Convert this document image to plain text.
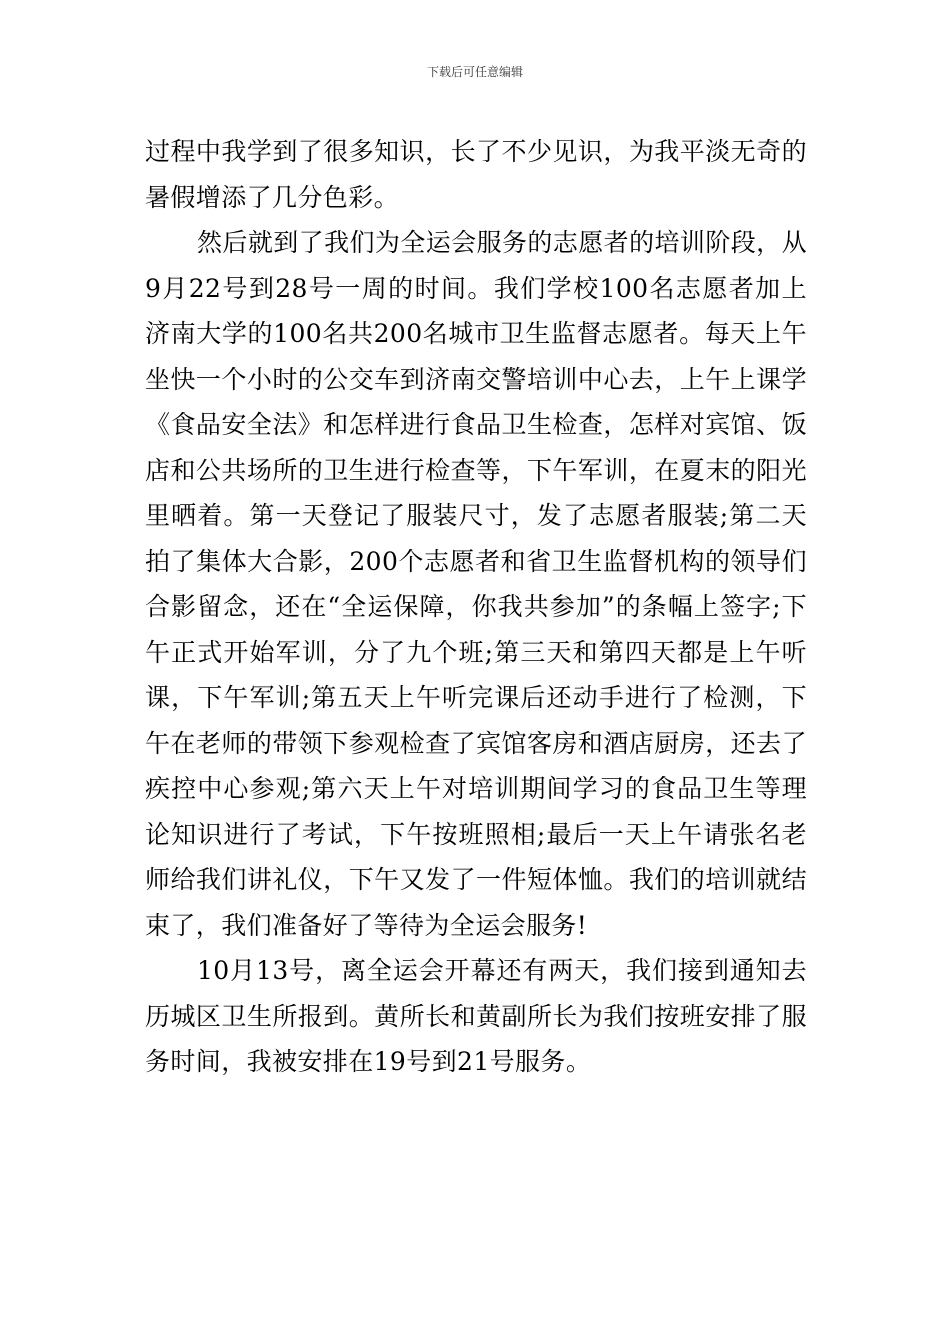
下载后可任意编辑

过程中我学到了很多知识，长了不少见识，为我平淡无奇的暑假增添了几分色彩。

然后就到了我们为全运会服务的志愿者的培训阶段，从9月22号到28号一周的时间。我们学校100名志愿者加上济南大学的100名共200名城市卫生监督志愿者。每天上午坐快一个小时的公交车到济南交警培训中心去，上午上课学《食品安全法》和怎样进行食品卫生检查，怎样对宾馆、饭店和公共场所的卫生进行检查等，下午军训，在夏末的阳光里晒着。第一天登记了服装尺寸，发了志愿者服装;第二天拍了集体大合影，200个志愿者和省卫生监督机构的领导们合影留念，还在“全运保障，你我共参加”的条幅上签字;下午正式开始军训，分了九个班;第三天和第四天都是上午听课，下午军训;第五天上午听完课后还动手进行了检测，下午在老师的带领下参观检查了宾馆客房和酒店厨房，还去了疾控中心参观;第六天上午对培训期间学习的食品卫生等理论知识进行了考试，下午按班照相;最后一天上午请张名老师给我们讲礼仪，下午又发了一件短体恤。我们的培训就结束了，我们准备好了等待为全运会服务!

10月13号，离全运会开幕还有两天，我们接到通知去历城区卫生所报到。黄所长和黄副所长为我们按班安排了服务时间，我被安排在19号到21号服务。
